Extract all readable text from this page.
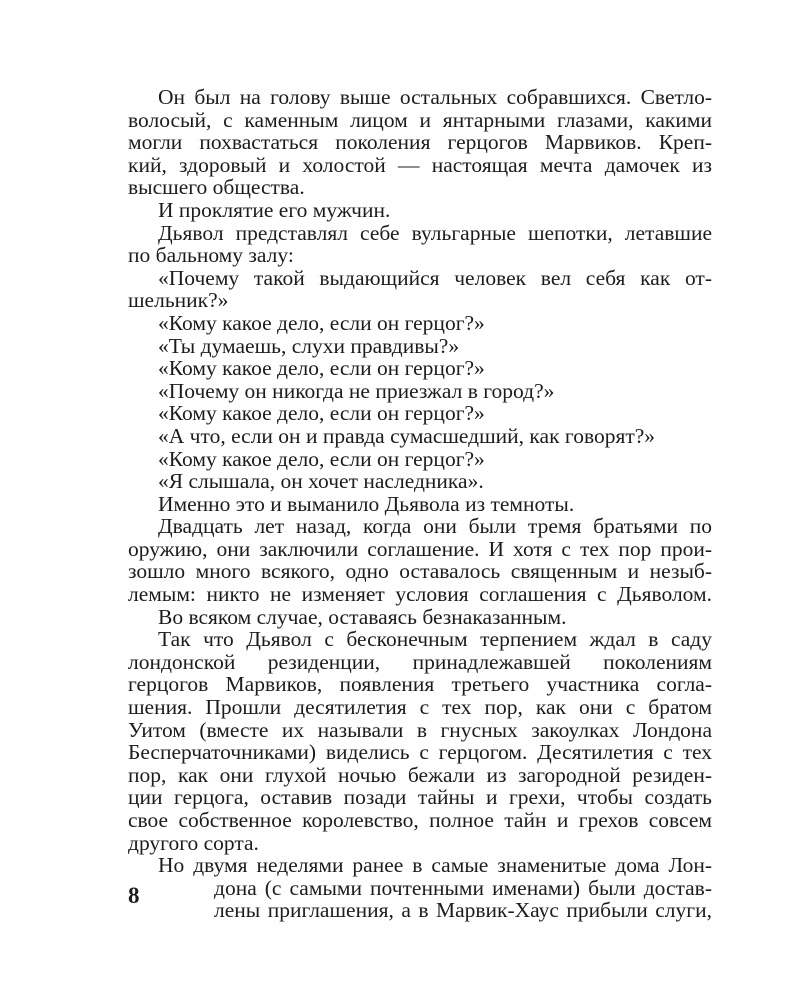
Он был на голову выше остальных собравшихся. Светло-
волосый, с каменным лицом и янтарными глазами, какими
могли похвастаться поколения герцогов Марвиков. Креп-
кий, здоровый и холостой — настоящая мечта дамочек из
высшего общества.
И проклятие его мужчин.
Дьявол представлял себе вульгарные шепотки, летавшие
по бальному залу:
«Почему такой выдающийся человек вел себя как от-
шельник?»
«Кому какое дело, если он герцог?»
«Ты думаешь, слухи правдивы?»
«Кому какое дело, если он герцог?»
«Почему он никогда не приезжал в город?»
«Кому какое дело, если он герцог?»
«А что, если он и правда сумасшедший, как говорят?»
«Кому какое дело, если он герцог?»
«Я слышала, он хочет наследника».
Именно это и выманило Дьявола из темноты.
Двадцать лет назад, когда они были тремя братьями по
оружию, они заключили соглашение. И хотя с тех пор прои-
зошло много всякого, одно оставалось священным и незыб-
лемым: никто не изменяет условия соглашения с Дьяволом.
Во всяком случае, оставаясь безнаказанным.
Так что Дьявол с бесконечным терпением ждал в саду
лондонской резиденции, принадлежавшей поколениям
герцогов Марвиков, появления третьего участника согла-
шения. Прошли десятилетия с тех пор, как они с братом
Уитом (вместе их называли в гнусных закоулках Лондона
Бесперчаточниками) виделись с герцогом. Десятилетия с тех
пор, как они глухой ночью бежали из загородной резиден-
ции герцога, оставив позади тайны и грехи, чтобы создать
свое собственное королевство, полное тайн и грехов совсем
другого сорта.
Но двумя неделями ранее в самые знаменитые дома Лон-
дона (с самыми почтенными именами) были достав-
лены приглашения, а в Марвик-Хаус прибыли слуги,
8
